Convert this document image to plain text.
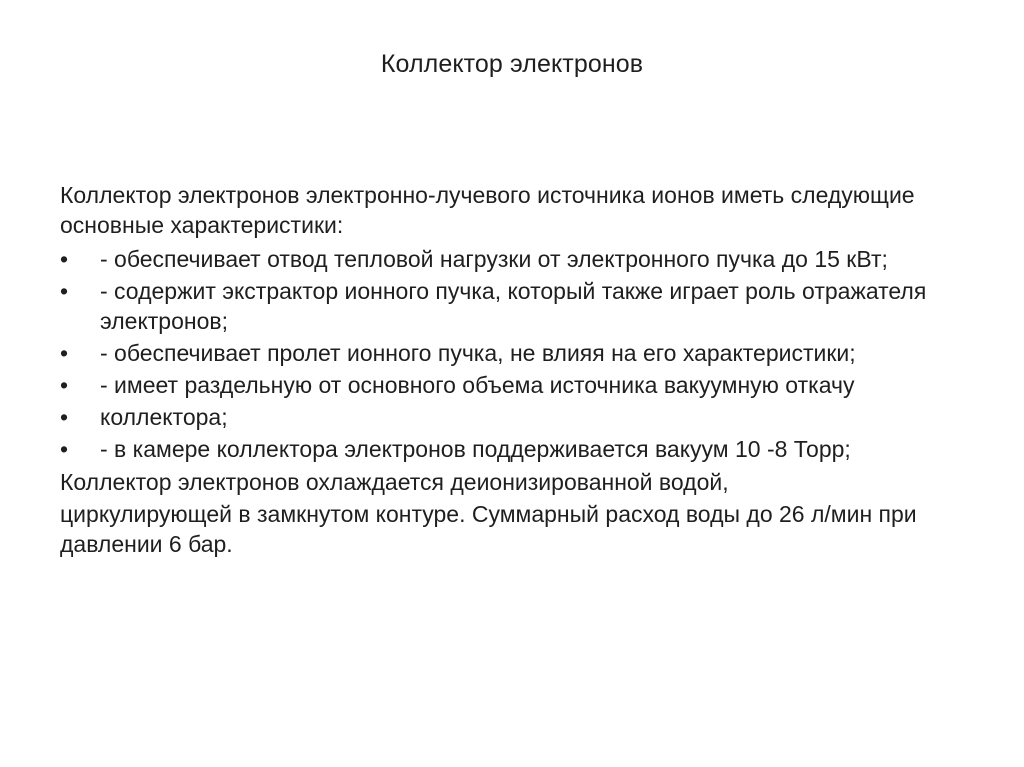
Коллектор электронов

Коллектор электронов электронно-лучевого источника ионов иметь следующие основные характеристики:

•	- обеспечивает отвод тепловой нагрузки от электронного пучка до 15 кВт;
•	- содержит экстрактор ионного пучка, который также играет роль отражателя электронов;
•	- обеспечивает пролет ионного пучка, не влияя на его характеристики;
•	- имеет раздельную от основного объема источника вакуумную откачу
•	коллектора;
•	- в камере коллектора электронов поддерживается вакуум 10 -8 Торр;

Коллектор электронов охлаждается деионизированной водой,

циркулирующей в замкнутом контуре. Суммарный расход воды до 26 л/мин при давлении 6 бар.
